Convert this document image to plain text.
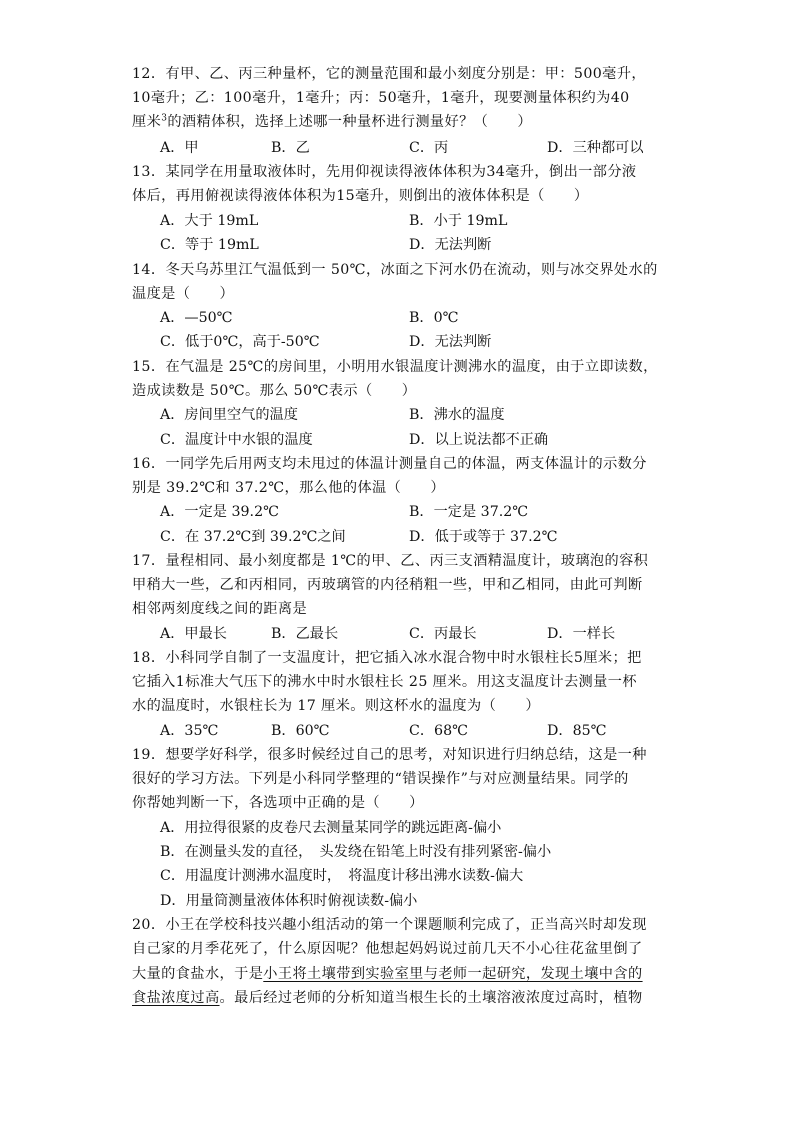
12．有甲、乙、丙三种量杯，它的测量范围和最小刻度分别是：甲：500毫升，
10毫升；乙：100毫升，1毫升；丙：50毫升，1毫升，现要测量体积约为40
厘米$^3$的酒精体积，选择上述哪一种量杯进行测量好？（　　）
A．甲	B．乙	C．丙	D．三种都可以
13．某同学在用量取液体时，先用仰视读得液体体积为34毫升，倒出一部分液
体后，再用俯视读得液体体积为15毫升，则倒出的液体体积是（　　）
A．大于 19mL	B．小于 19mL
C．等于 19mL	D．无法判断
14．冬天乌苏里江气温低到一 50℃，冰面之下河水仍在流动，则与冰交界处水的
温度是（　　）
A．—50℃	B．0℃
C．低于0℃，高于-50℃	D．无法判断
15．在气温是 25℃的房间里，小明用水银温度计测沸水的温度，由于立即读数，
造成读数是 50℃。那么 50℃表示（　　）
A．房间里空气的温度	B．沸水的温度
C．温度计中水银的温度	D．以上说法都不正确
16．一同学先后用两支均未甩过的体温计测量自己的体温，两支体温计的示数分
别是 39.2℃和 37.2℃，那么他的体温（　　）
A．一定是 39.2℃	B．一定是 37.2℃
C．在 37.2℃到 39.2℃之间	D．低于或等于 37.2℃
17．量程相同、最小刻度都是 1℃的甲、乙、丙三支酒精温度计，玻璃泡的容积
甲稍大一些，乙和丙相同，丙玻璃管的内径稍粗一些，甲和乙相同，由此可判断
相邻两刻度线之间的距离是
A．甲最长	B．乙最长	C．丙最长	D．一样长
18．小科同学自制了一支温度计，把它插入冰水混合物中时水银柱长5厘米；把
它插入1标准大气压下的沸水中时水银柱长 25 厘米。用这支温度计去测量一杯
水的温度时，水银柱长为 17 厘米。则这杯水的温度为（　　）
A．35℃	B．60℃	C．68℃	D．85℃
19．想要学好科学，很多时候经过自己的思考，对知识进行归纳总结，这是一种
很好的学习方法。下列是小科同学整理的“错误操作”与对应测量结果。同学的
你帮她判断一下，各选项中正确的是（　　）
A．用拉得很紧的皮卷尺去测量某同学的跳远距离-偏小
B．在测量头发的直径，　头发绕在铅笔上时没有排列紧密-偏小
C．用温度计测沸水温度时，　将温度计移出沸水读数-偏大
D．用量筒测量液体体积时俯视读数-偏小
20．小王在学校科技兴趣小组活动的第一个课题顺利完成了，正当高兴时却发现
自己家的月季花死了，什么原因呢？他想起妈妈说过前几天不小心往花盆里倒了
大量的食盐水，于是小王将土壤带到实验室里与老师一起研究，发现土壤中含的
食盐浓度过高。最后经过老师的分析知道当根生长的土壤溶液浓度过高时，植物
